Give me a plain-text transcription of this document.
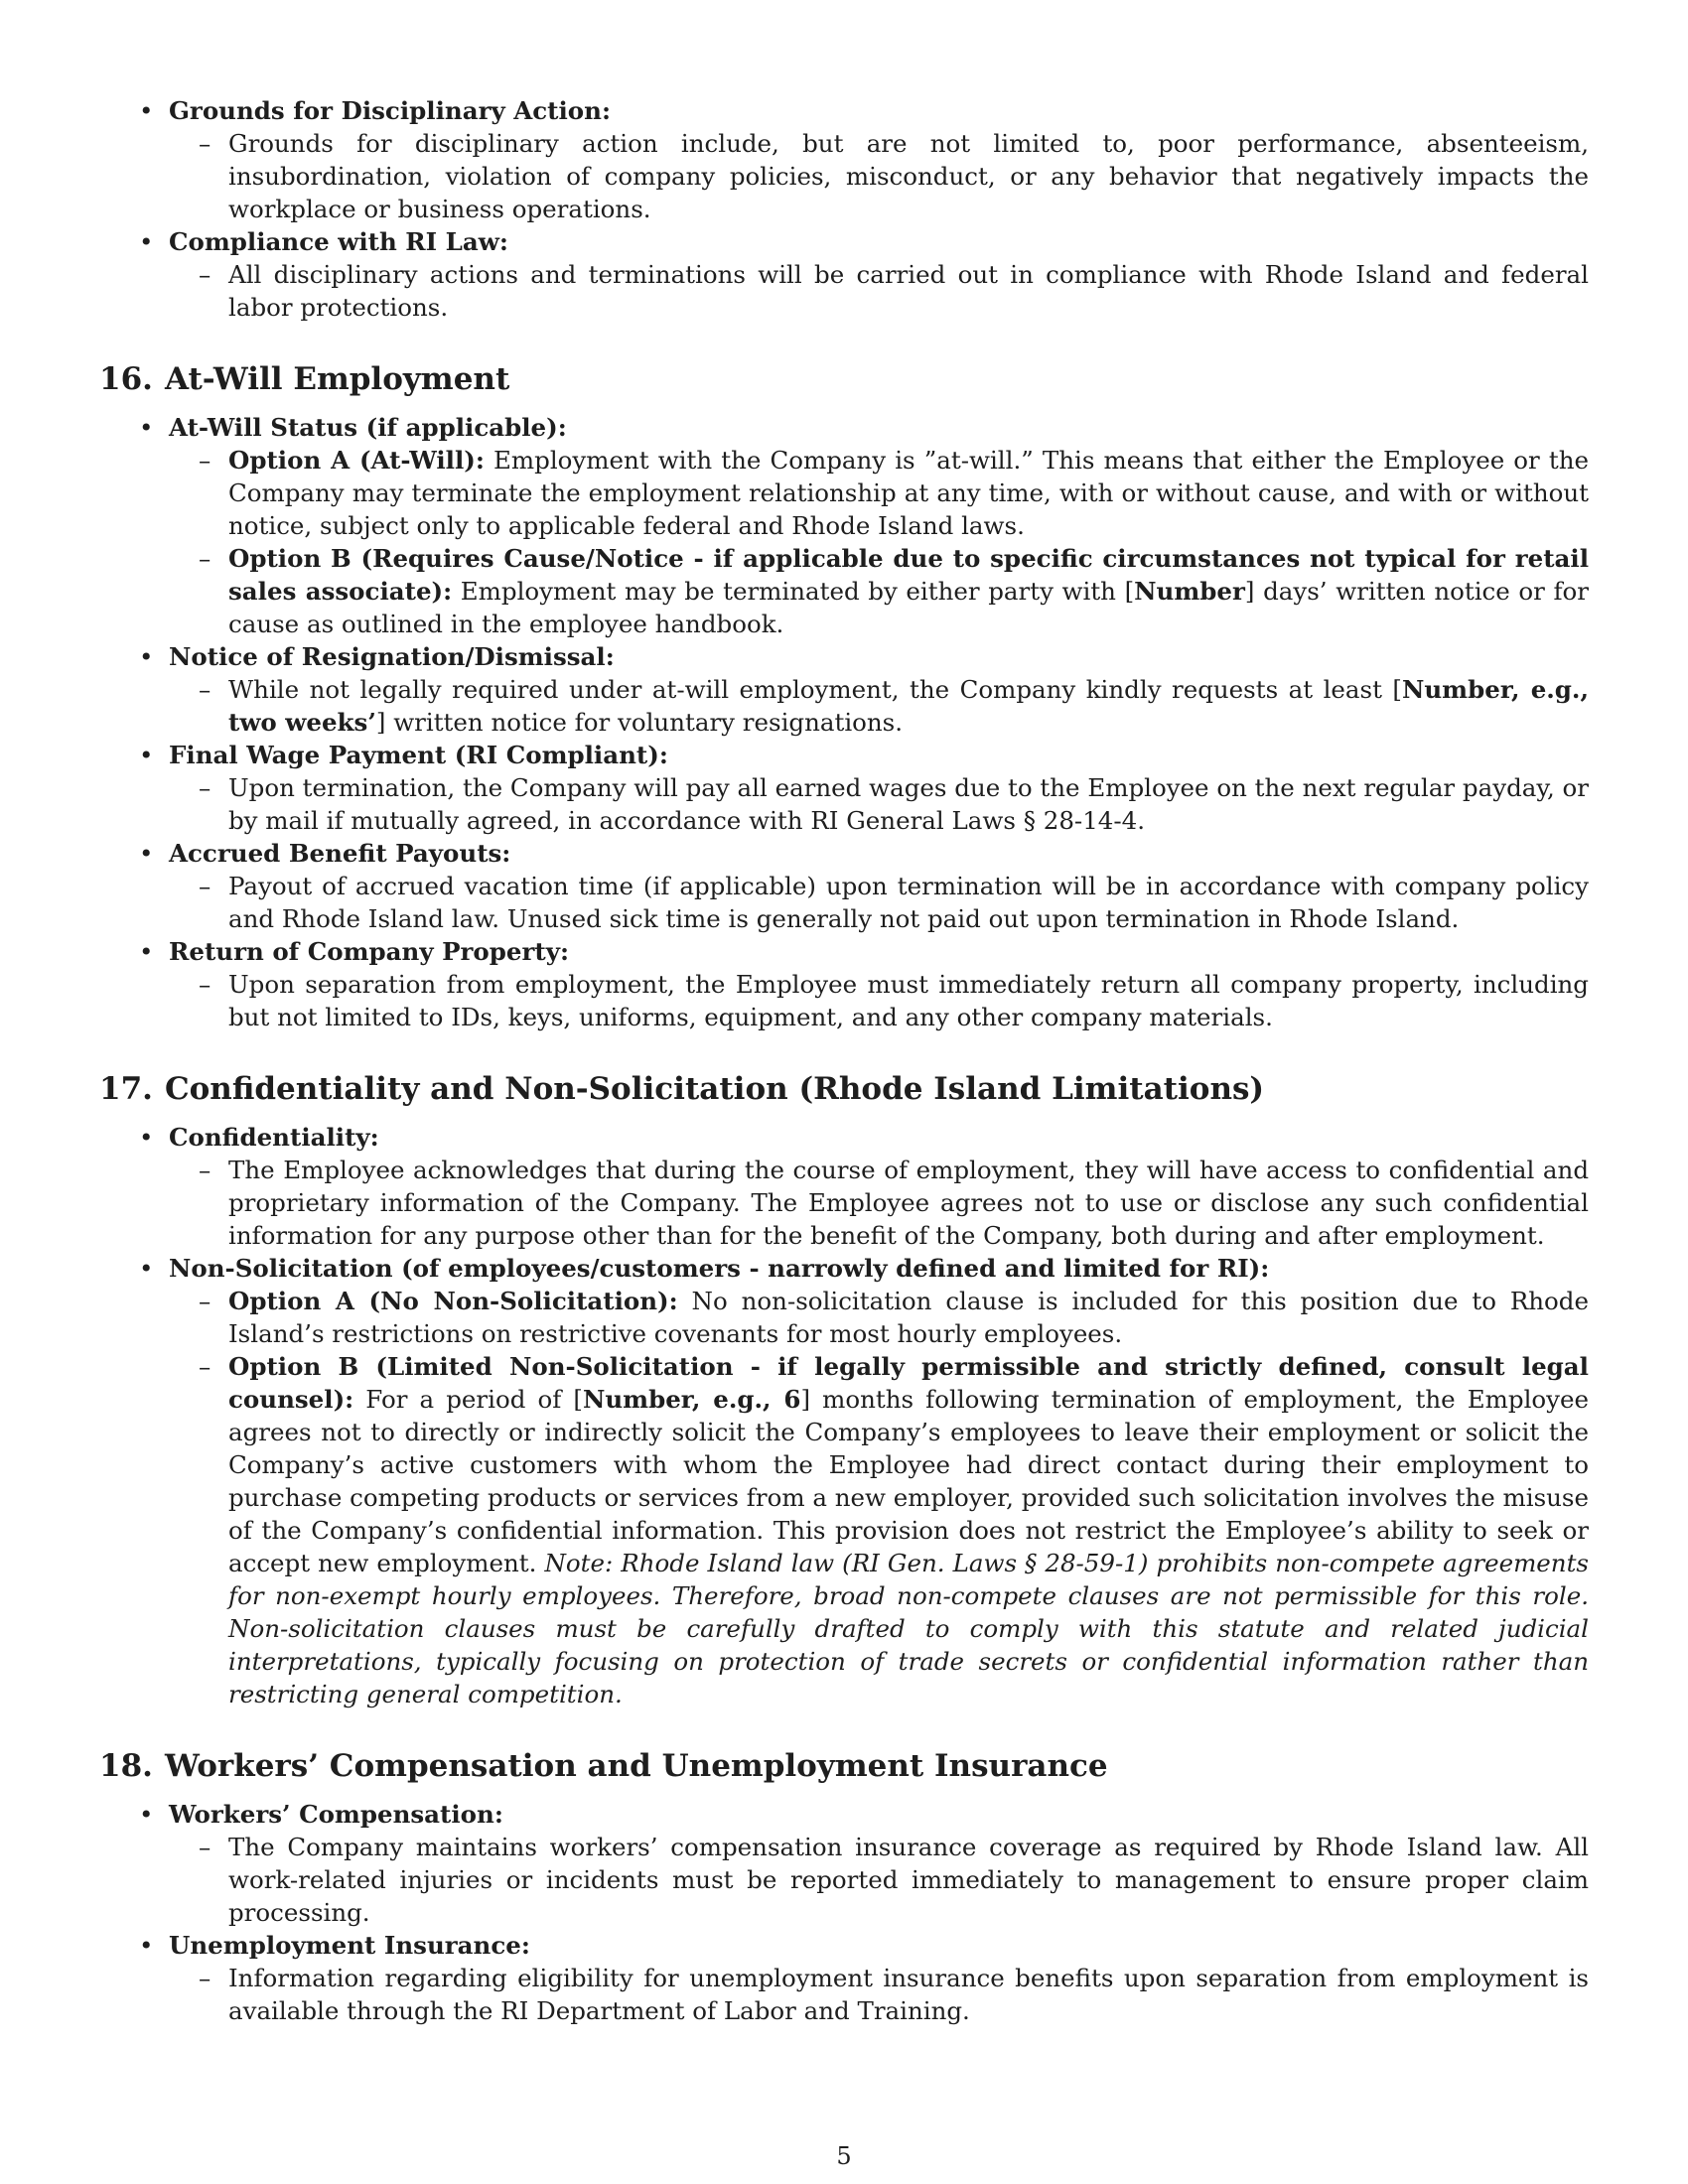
• Grounds for Disciplinary Action:
– Grounds for disciplinary action include, but are not limited to, poor performance, absenteeism, insubordination, violation of company policies, misconduct, or any behavior that negatively impacts the workplace or business operations.
• Compliance with RI Law:
– All disciplinary actions and terminations will be carried out in compliance with Rhode Island and federal labor protections.
16. At-Will Employment
• At-Will Status (if applicable):
– Option A (At-Will): Employment with the Company is ”at-will.” This means that either the Employee or the Company may terminate the employment relationship at any time, with or without cause, and with or without notice, subject only to applicable federal and Rhode Island laws.
– Option B (Requires Cause/Notice - if applicable due to specific circumstances not typical for retail sales associate): Employment may be terminated by either party with [Number] days’ written notice or for cause as outlined in the employee handbook.
• Notice of Resignation/Dismissal:
– While not legally required under at-will employment, the Company kindly requests at least [Number, e.g., two weeks’] written notice for voluntary resignations.
• Final Wage Payment (RI Compliant):
– Upon termination, the Company will pay all earned wages due to the Employee on the next regular payday, or by mail if mutually agreed, in accordance with RI General Laws § 28-14-4.
• Accrued Benefit Payouts:
– Payout of accrued vacation time (if applicable) upon termination will be in accordance with company policy and Rhode Island law. Unused sick time is generally not paid out upon termination in Rhode Island.
• Return of Company Property:
– Upon separation from employment, the Employee must immediately return all company property, including but not limited to IDs, keys, uniforms, equipment, and any other company materials.
17. Confidentiality and Non-Solicitation (Rhode Island Limitations)
• Confidentiality:
– The Employee acknowledges that during the course of employment, they will have access to confidential and proprietary information of the Company. The Employee agrees not to use or disclose any such confidential information for any purpose other than for the benefit of the Company, both during and after employment.
• Non-Solicitation (of employees/customers - narrowly defined and limited for RI):
– Option A (No Non-Solicitation): No non-solicitation clause is included for this position due to Rhode Island’s restrictions on restrictive covenants for most hourly employees.
– Option B (Limited Non-Solicitation - if legally permissible and strictly defined, consult legal counsel): For a period of [Number, e.g., 6] months following termination of employment, the Employee agrees not to directly or indirectly solicit the Company’s employees to leave their employment or solicit the Company’s active customers with whom the Employee had direct contact during their employment to purchase competing products or services from a new employer, provided such solicitation involves the misuse of the Company’s confidential information. This provision does not restrict the Employee’s ability to seek or accept new employment. Note: Rhode Island law (RI Gen. Laws § 28-59-1) prohibits non-compete agreements for non-exempt hourly employees. Therefore, broad non-compete clauses are not permissible for this role. Non-solicitation clauses must be carefully drafted to comply with this statute and related judicial interpretations, typically focusing on protection of trade secrets or confidential information rather than restricting general competition.
18. Workers’ Compensation and Unemployment Insurance
• Workers’ Compensation:
– The Company maintains workers’ compensation insurance coverage as required by Rhode Island law. All work-related injuries or incidents must be reported immediately to management to ensure proper claim processing.
• Unemployment Insurance:
– Information regarding eligibility for unemployment insurance benefits upon separation from employment is available through the RI Department of Labor and Training.
5
